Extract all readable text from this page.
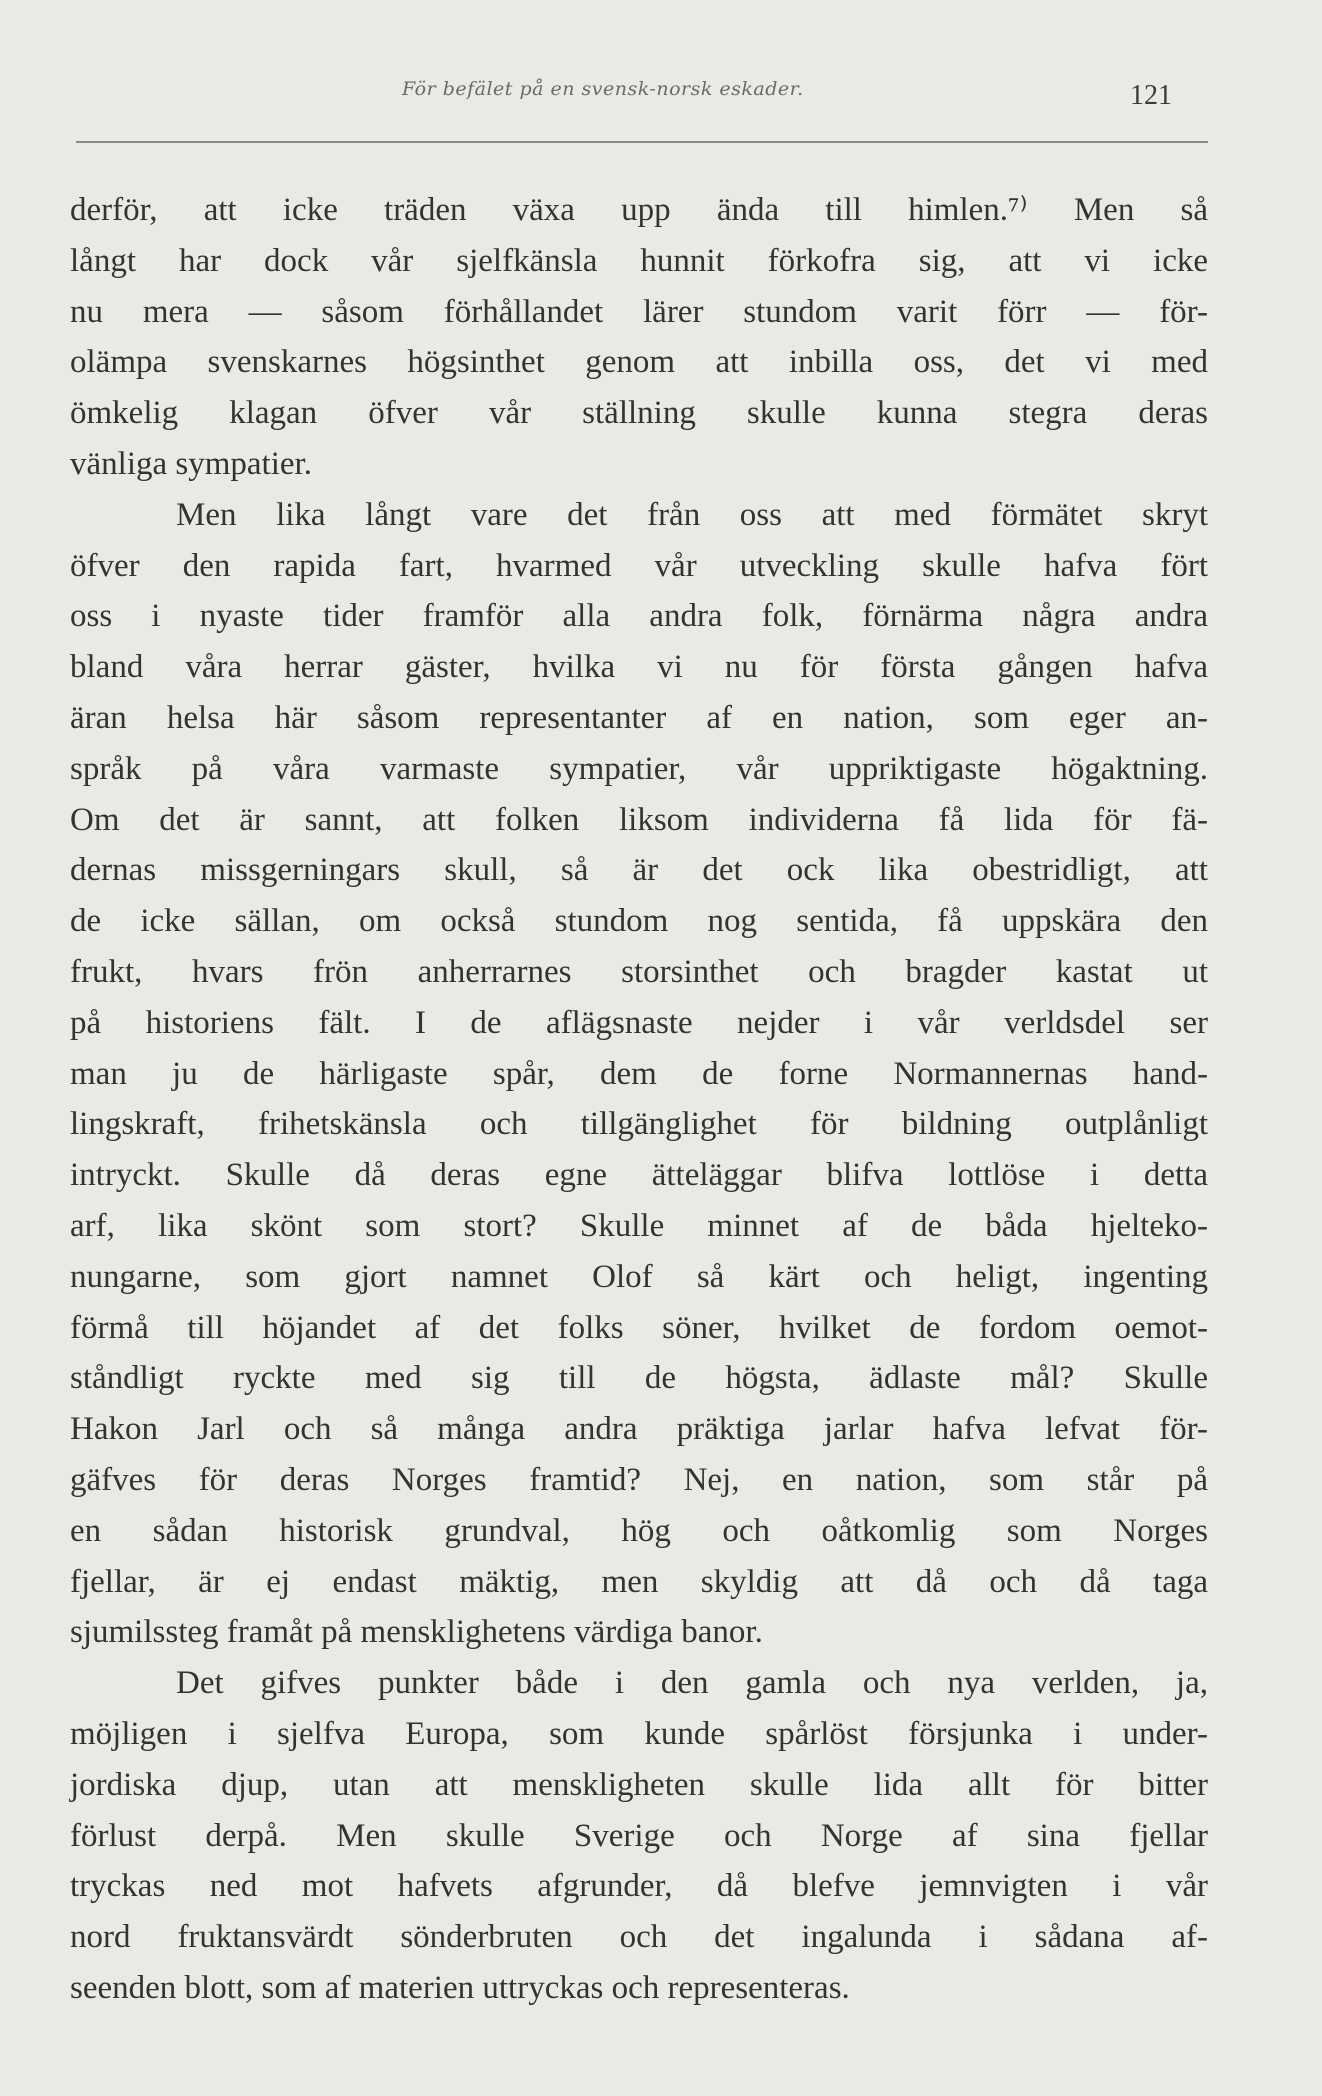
För befälet på en svensk-norsk eskader.	121
derför, att icke träden växa upp ända till himlen.⁷⁾ Men så
långt har dock vår sjelfkänsla hunnit förkofra sig, att vi icke
nu mera — såsom förhållandet lärer stundom varit förr — för-
olämpa svenskarnes högsinthet genom att inbilla oss, det vi med
ömkelig klagan öfver vår ställning skulle kunna stegra deras
vänliga sympatier.
Men lika långt vare det från oss att med förmätet skryt
öfver den rapida fart, hvarmed vår utveckling skulle hafva fört
oss i nyaste tider framför alla andra folk, förnärma några andra
bland våra herrar gäster, hvilka vi nu för första gången hafva
äran helsa här såsom representanter af en nation, som eger an-
språk på våra varmaste sympatier, vår uppriktigaste högaktning.
Om det är sannt, att folken liksom individerna få lida för fä-
dernas missgerningars skull, så är det ock lika obestridligt, att
de icke sällan, om också stundom nog sentida, få uppskära den
frukt, hvars frön anherrarnes storsinthet och bragder kastat ut
på historiens fält. I de aflägsnaste nejder i vår verldsdel ser
man ju de härligaste spår, dem de forne Normannernas hand-
lingskraft, frihetskänsla och tillgänglighet för bildning outplånligt
intryckt. Skulle då deras egne ätteläggar blifva lottlöse i detta
arf, lika skönt som stort? Skulle minnet af de båda hjelteko-
nungarne, som gjort namnet Olof så kärt och heligt, ingenting
förmå till höjandet af det folks söner, hvilket de fordom oemot-
ståndligt ryckte med sig till de högsta, ädlaste mål? Skulle
Hakon Jarl och så många andra präktiga jarlar hafva lefvat för-
gäfves för deras Norges framtid? Nej, en nation, som står på
en sådan historisk grundval, hög och oåtkomlig som Norges
fjellar, är ej endast mäktig, men skyldig att då och då taga
sjumilssteg framåt på mensklighetens värdiga banor.
Det gifves punkter både i den gamla och nya verlden, ja,
möjligen i sjelfva Europa, som kunde spårlöst försjunka i under-
jordiska djup, utan att menskligheten skulle lida allt för bitter
förlust derpå. Men skulle Sverige och Norge af sina fjellar
tryckas ned mot hafvets afgrunder, då blefve jemnvigten i vår
nord fruktansvärdt sönderbruten och det ingalunda i sådana af-
seenden blott, som af materien uttryckas och representeras.
